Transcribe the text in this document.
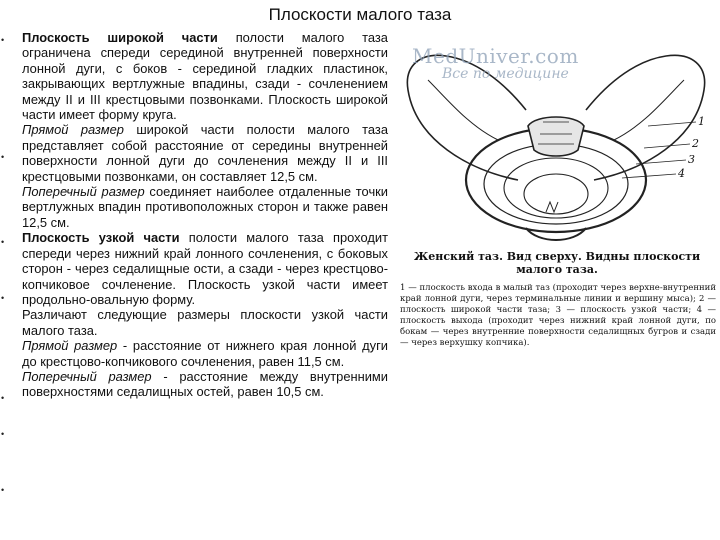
Плоскости малого таза
•
•
•
•
•
•
•

Плоскость широкой части полости малого таза ограничена спереди серединой внутренней поверхности лонной дуги, с боков - серединой гладких пластинок, закрывающих вертлужные впадины, сзади - сочленением между II и III крестцовыми позвонками. Плоскость широкой части имеет форму круга.

Прямой размер широкой части полости малого таза представляет собой расстояние от середины внутренней поверхности лонной дуги до сочленения между II и III крестцовыми позвонками, он составляет 12,5 см.

Поперечный размер соединяет наиболее отдаленные точки вертлужных впадин противоположных сторон и также равен 12,5 см.

Плоскость узкой части полости малого таза проходит спереди через нижний край лонного сочленения, с боковых сторон - через седалищные ости, а сзади - через крестцово-копчиковое сочленение. Плоскость узкой части имеет продольно-овальную форму.

Различают следующие размеры плоскости узкой части малого таза.

Прямой размер - расстояние от нижнего края лонной дуги до крестцово-копчикового сочленения, равен 11,5 см.

Поперечный размер - расстояние между внутренними поверхностями седалищных остей, равен 10,5 см.

1
2
3
4
MedUniver.com
Все по медицине
Женский таз. Вид сверху. Видны плоскости малого таза.
1 — плоскость входа в малый таз (проходит через верхне-внутренний край лонной дуги, через терминальные линии и вершину мыса); 2 — плоскость широкой части таза; 3 — плоскость узкой части; 4 — плоскость выхода (проходит через нижний край лонной дуги, по бокам — через внутренние поверхности седалищных бугров и сзади — через верхушку копчика).
